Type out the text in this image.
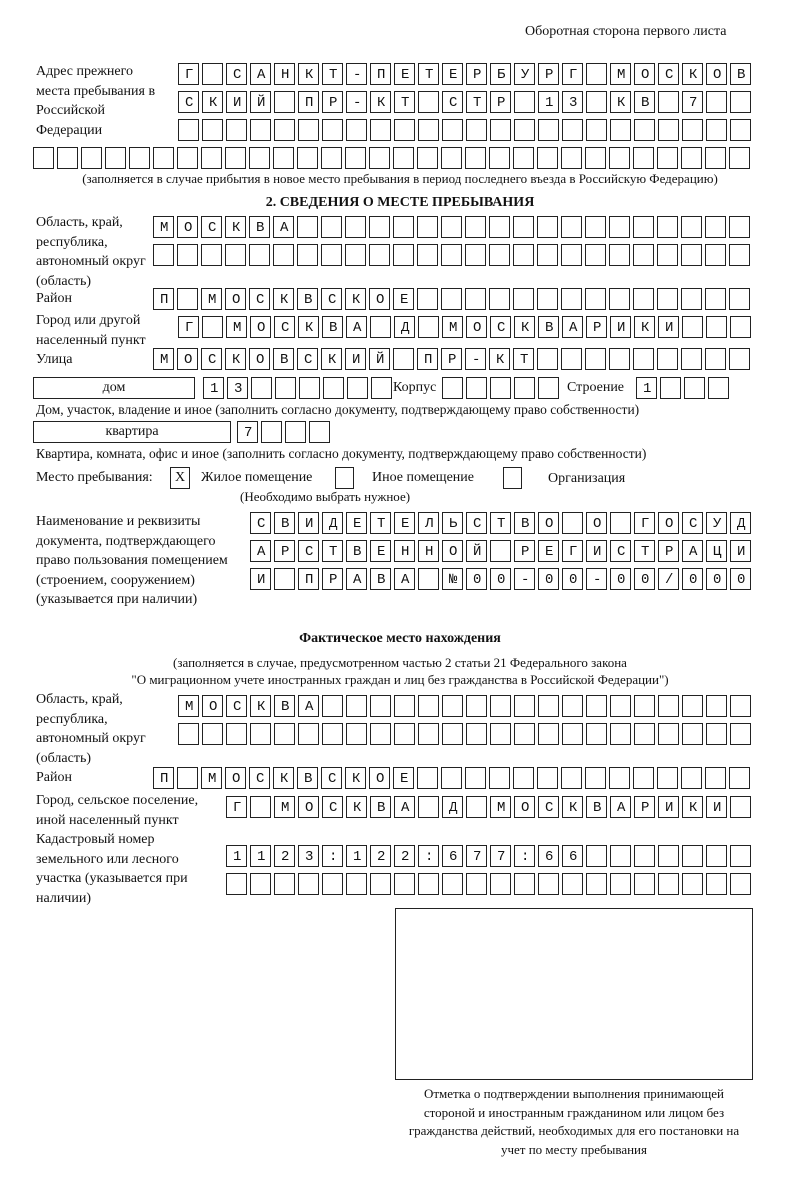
Оборотная сторона первого листа
Адрес прежнего места пребывания в Российской Федерации
Г САНКТ-ПЕТЕРБУРГ МОСКОВ
СКИЙ ПР-КТ СТР 13 КВ 7

(заполняется в случае прибытия в новое место пребывания в период последнего въезда в Российскую Федерацию)
2. СВЕДЕНИЯ О МЕСТЕ ПРЕБЫВАНИЯ
Область, край, республика, автономный округ (область)
МОСКВА

Район	П МОСКВСКОЕ
Город или другой населенный пункт
Г МОСКВА Д МОСКВАРИКИ
Улица	МОСКОВСКИЙ ПР-КТ
дом	13
Корпус
	Строение 1
Дом, участок, владение и иное (заполнить согласно документу, подтверждающему право собственности)
квартира	7
Квартира, комната, офис и иное (заполнить согласно документу, подтверждающему право собственности)
Место пребывания:	X	Жилое помещение	Иное помещение	Организация
(Необходимо выбрать нужное)
Наименование и реквизиты документа, подтверждающего право пользования помещением (строением, сооружением) (указывается при наличии)
СВИДЕТЕЛЬСТВО О ГОСУД
АРСТВЕННОЙ РЕГИСТРАЦИ
И ПРАВА №00-00-00/000
Фактическое место нахождения
(заполняется в случае, предусмотренном частью 2 статьи 21 Федерального закона
"О миграционном учете иностранных граждан и лиц без гражданства в Российской Федерации")
Область, край, республика, автономный округ (область)
МОСКВА

Район	П МОСКВСКОЕ
Город, сельское поселение, иной населенный пункт
Г МОСКВА Д МОСКВАРИКИ
Кадастровый номер земельного или лесного участка (указывается при наличии)
1123:122:677:66

Отметка о подтверждении выполнения принимающей стороной и иностранным гражданином или лицом без гражданства действий, необходимых для его постановки на учет по месту пребывания
